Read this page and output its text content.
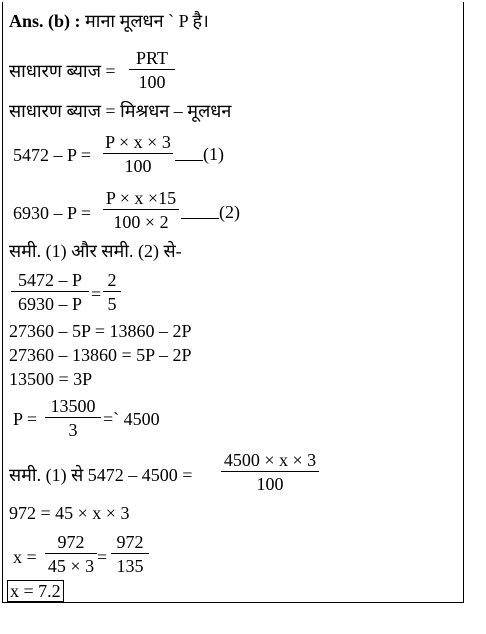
Ans. (b) : माना मूलधन ` P है।
साधारण ब्याज =
PRT
100
साधारण ब्याज = मिश्रधन – मूलधन
$5472 - P = \frac{P \times x \times 3}{100} (1)$
$6930 - P = \frac{P \times x \times 15}{100 \times 2} (2)$
समी. (1) और समी. (2) से-
$\frac{5472 - P}{6930 - P} = \frac{2}{5}$
27360 – 5P = 13860 – 2P
27360 – 13860 = 5P – 2P
13500 = 3P
$P = \frac{13500}{3}$ =` 4500
समी. (1) से $5472 - 4500 = \frac{4500 \times x \times 3}{100}$
972 = 45 × x × 3
$x = \frac{972}{45 \times 3} = \frac{972}{135}$
x = 7.2
